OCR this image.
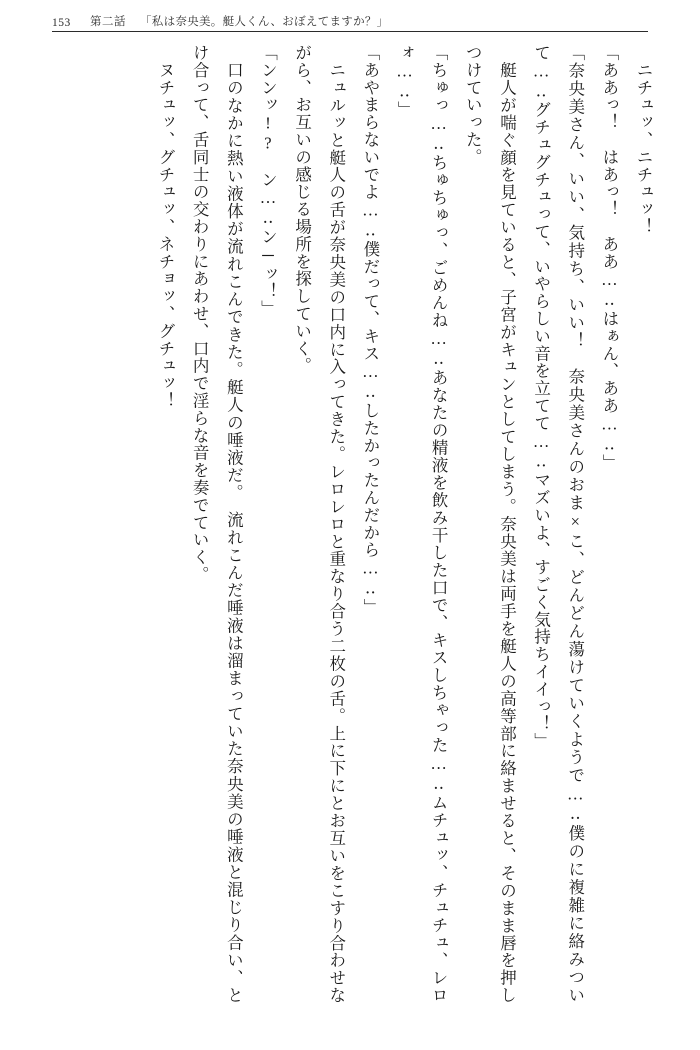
153	第二話 「私は奈央美。艇人くん、おぼえてますか？」

　ニチュッ、ニチュッ！

「ああっ！　はあっ！　ああ…‥はぁん、ああ…‥」

「奈央美さん、いい、気持ち、いい！　奈央美さんのおま×こ、どんどん蕩けていくようで…‥僕のに複雑に絡みついて…‥グチュグチュって、いやらしい音を立てて…‥マズいよ、すごく気持ちイイっ！」

　艇人が喘ぐ顔を見ていると、子宮がキュンとしてしまう。奈央美は両手を艇人の高等部に絡ませると、そのまま唇を押しつけていった。

「ちゅっ…‥ちゅちゅっ、ごめんね…‥あなたの精液を飲み干した口で、キスしちゃった…‥ムチュッ、チュチュ、レロォ…‥」

「あやまらないでよ…‥僕だって、キス…‥したかったんだから…‥」

　ニュルッと艇人の舌が奈央美の口内に入ってきた。レロレロと重なり合う二枚の舌。上に下にとお互いをこすり合わせながら、お互いの感じる場所を探していく。

「ンンッ!?　ン…‥ン─ッ！」

　口のなかに熱い液体が流れこんできた。艇人の唾液だ。　流れこんだ唾液は溜まっていた奈央美の唾液と混じり合い、とけ合って、舌同士の交わりにあわせ、口内で淫らな音を奏でていく。

　ヌチュッ、グチュッ、ネチョッ、グチュッ！
